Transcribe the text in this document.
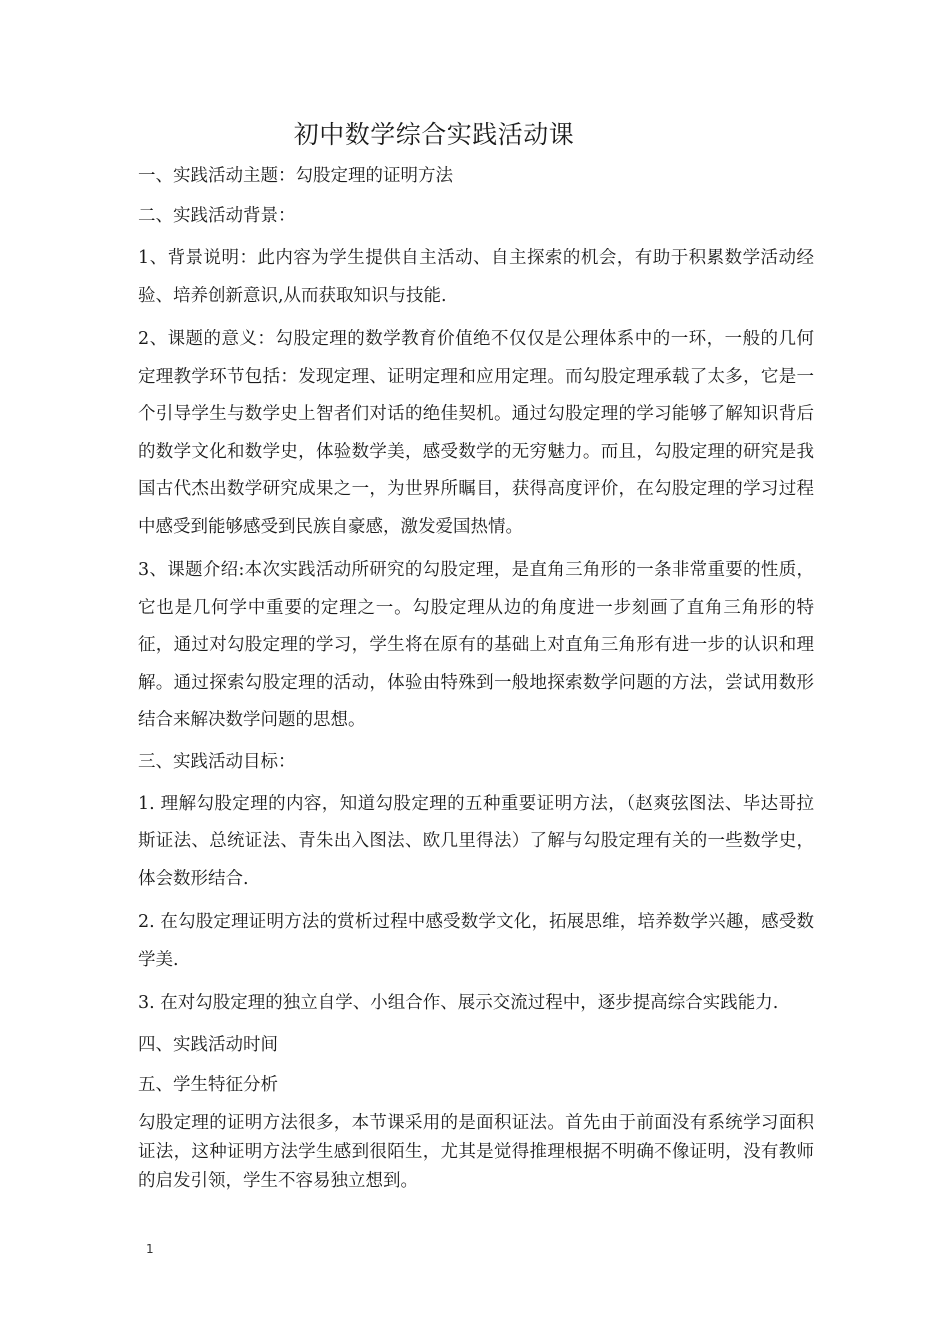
初中数学综合实践活动课

一、实践活动主题：勾股定理的证明方法

二、实践活动背景：

1、背景说明：此内容为学生提供自主活动、自主探索的机会，有助于积累数学活动经验、培养创新意识,从而获取知识与技能.

2、课题的意义：勾股定理的数学教育价值绝不仅仅是公理体系中的一环，一般的几何定理教学环节包括：发现定理、证明定理和应用定理。而勾股定理承载了太多，它是一个引导学生与数学史上智者们对话的绝佳契机。通过勾股定理的学习能够了解知识背后的数学文化和数学史，体验数学美，感受数学的无穷魅力。而且，勾股定理的研究是我国古代杰出数学研究成果之一，为世界所瞩目，获得高度评价，在勾股定理的学习过程中感受到能够感受到民族自豪感，激发爱国热情。

3、课题介绍:本次实践活动所研究的勾股定理，是直角三角形的一条非常重要的性质，它也是几何学中重要的定理之一。勾股定理从边的角度进一步刻画了直角三角形的特征，通过对勾股定理的学习，学生将在原有的基础上对直角三角形有进一步的认识和理解。通过探索勾股定理的活动，体验由特殊到一般地探索数学问题的方法，尝试用数形结合来解决数学问题的思想。

三、实践活动目标：

1. 理解勾股定理的内容，知道勾股定理的五种重要证明方法，（赵爽弦图法、毕达哥拉斯证法、总统证法、青朱出入图法、欧几里得法）了解与勾股定理有关的一些数学史，体会数形结合.

2. 在勾股定理证明方法的赏析过程中感受数学文化，拓展思维，培养数学兴趣，感受数学美.

3. 在对勾股定理的独立自学、小组合作、展示交流过程中，逐步提高综合实践能力.

四、实践活动时间

五、学生特征分析

勾股定理的证明方法很多，本节课采用的是面积证法。首先由于前面没有系统学习面积证法，这种证明方法学生感到很陌生，尤其是觉得推理根据不明确不像证明，没有教师的启发引领，学生不容易独立想到。

1
